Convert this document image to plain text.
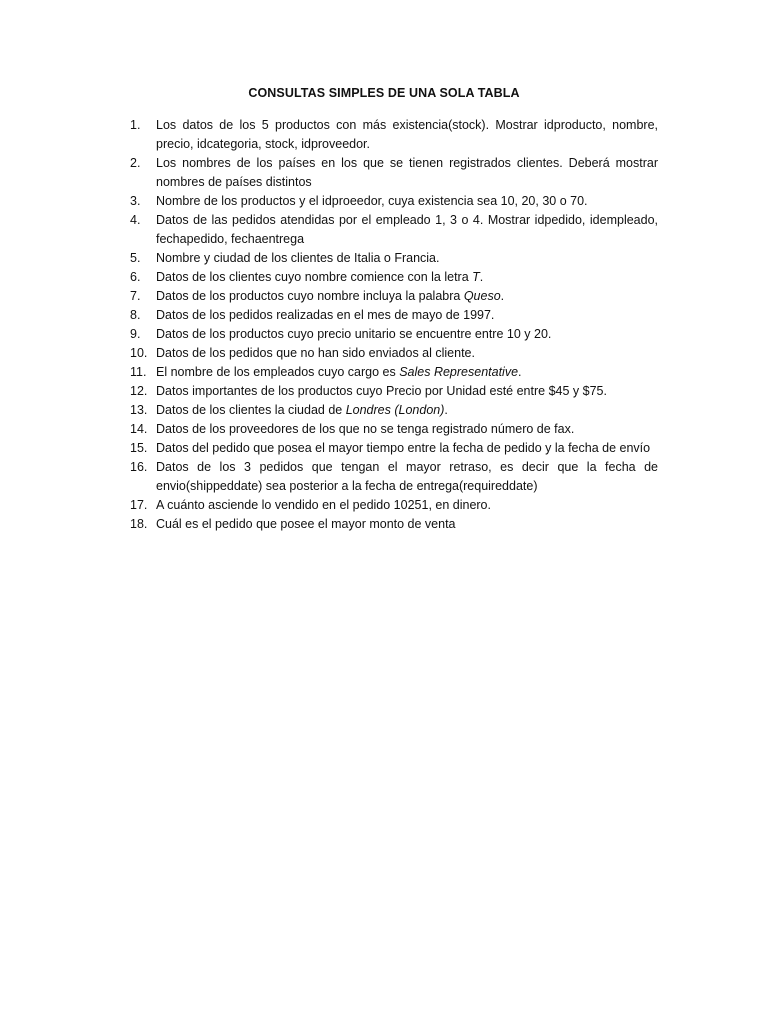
CONSULTAS SIMPLES DE UNA SOLA TABLA
1.	Los datos de los 5 productos con más existencia(stock). Mostrar idproducto, nombre, precio, idcategoria, stock, idproveedor.
2.	Los nombres de los países en los que se tienen registrados clientes. Deberá mostrar nombres de países distintos
3.	Nombre de los productos y el idproeedor, cuya existencia sea 10, 20, 30 o 70.
4.	Datos de las pedidos atendidas por el empleado 1, 3 o 4. Mostrar idpedido, idempleado, fechapedido, fechaentrega
5.	Nombre y ciudad de los clientes de Italia o Francia.
6.	Datos de los clientes cuyo nombre comience con la letra T.
7.	Datos de los productos cuyo nombre incluya la palabra Queso.
8.	Datos de los pedidos realizadas en el mes de mayo de 1997.
9.	Datos de los productos cuyo precio unitario se encuentre entre 10 y 20.
10. Datos de los pedidos que no han sido enviados al cliente.
11. El nombre de los empleados cuyo cargo es Sales Representative.
12. Datos importantes de los productos cuyo Precio por Unidad esté entre $45 y $75.
13. Datos de los clientes la ciudad de Londres (London).
14. Datos de los proveedores de los que no se tenga registrado número de fax.
15. Datos del pedido que posea el mayor tiempo entre la fecha de pedido y la fecha de envío
16. Datos de los 3 pedidos que tengan el mayor retraso, es decir que la fecha de envio(shippeddate) sea posterior a la fecha de entrega(requireddate)
17. A cuánto asciende lo vendido en el pedido 10251, en dinero.
18. Cuál es el pedido que posee el mayor monto de venta
